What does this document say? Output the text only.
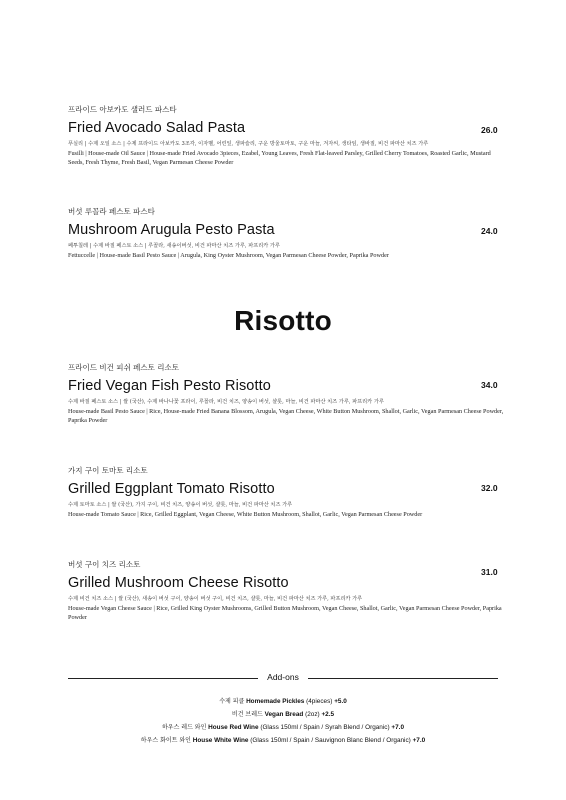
프라이드 아보카도 샐러드 파스타

Fried Avocado Salad Pasta

푸실리 | 수제 오일 소스 | 수제 프라이드 아보카도 3조각, 이자벨, 어린잎, 생파슬리, 구운 방울토마토, 구운 마늘, 겨자씨, 생타임, 생바질, 비건 파마산 치즈 가루

Fusilli | House-made Oil Sauce | House-made Fried Avocado 3pieces, Ezabel, Young Leaves, Fresh Flat-leaved Parsley, Grilled Cherry Tomatoes, Roasted Garlic, Mustard Seeds, Fresh Thyme, Fresh Basil, Vegan Parmesan Cheese Powder

26.0

버섯 루꼴라 페스토 파스타

Mushroom Arugula Pesto Pasta

페투칠레 | 수제 바질 페스토 소스 | 루꼴라, 새송이버섯, 비건 파마산 치즈 가루, 파프리카 가루

Fettuccelle | House-made Basil Pesto Sauce | Arugula, King Oyster Mushroom, Vegan Parmesan Cheese Powder, Paprika Powder

24.0
Risotto

프라이드 비건 피쉬 페스토 리소토

Fried Vegan Fish Pesto Risotto

수제 바질 페스토 소스 | 쌀 (국산), 수제 바나나꽃 프라이, 루꼴라, 비건 치즈, 양송이 버섯, 샬롯, 마늘, 비건 파마산 치즈 가루, 파프리카 가루

House-made Basil Pesto Sauce | Rice, House-made Fried Banana Blossom, Arugula, Vegan Cheese, White Button Mushroom, Shallot, Garlic, Vegan Parmesan Cheese Powder, Paprika Powder

34.0

가지 구이 토마토 리소토

Grilled Eggplant Tomato Risotto

수제 토마토 소스 | 쌀 (국산), 가지 구이, 비건 치즈, 양송이 버섯, 샬롯, 마늘, 비건 파마산 치즈 가루

House-made Tomato Sauce | Rice, Grilled Eggplant, Vegan Cheese, White Button Mushroom, Shallot, Garlic, Vegan Parmesan Cheese Powder

32.0

버섯 구이 치즈 리소토

Grilled Mushroom Cheese Risotto

수제 비건 치즈 소스 | 쌀 (국산), 새송이 버섯 구이, 양송이 버섯 구이, 비건 치즈, 샬롯, 마늘, 비건 파마산 치즈 가루, 파프리카 가루

House-made Vegan Cheese Sauce | Rice, Grilled King Oyster Mushrooms, Grilled Button Mushroom, Vegan Cheese, Shallot, Garlic, Vegan Parmesan Cheese Powder, Paprika Powder

31.0
Add-ons
수제 피클 Homemade Pickles (4pieces) +5.0
비건 브레드 Vegan Bread (2oz) +2.5
하우스 레드 와인 House Red Wine (Glass 150ml / Spain / Syrah Blend / Organic) +7.0
하우스 화이트 와인 House White Wine (Glass 150ml / Spain / Sauvignon Blanc Blend / Organic) +7.0
